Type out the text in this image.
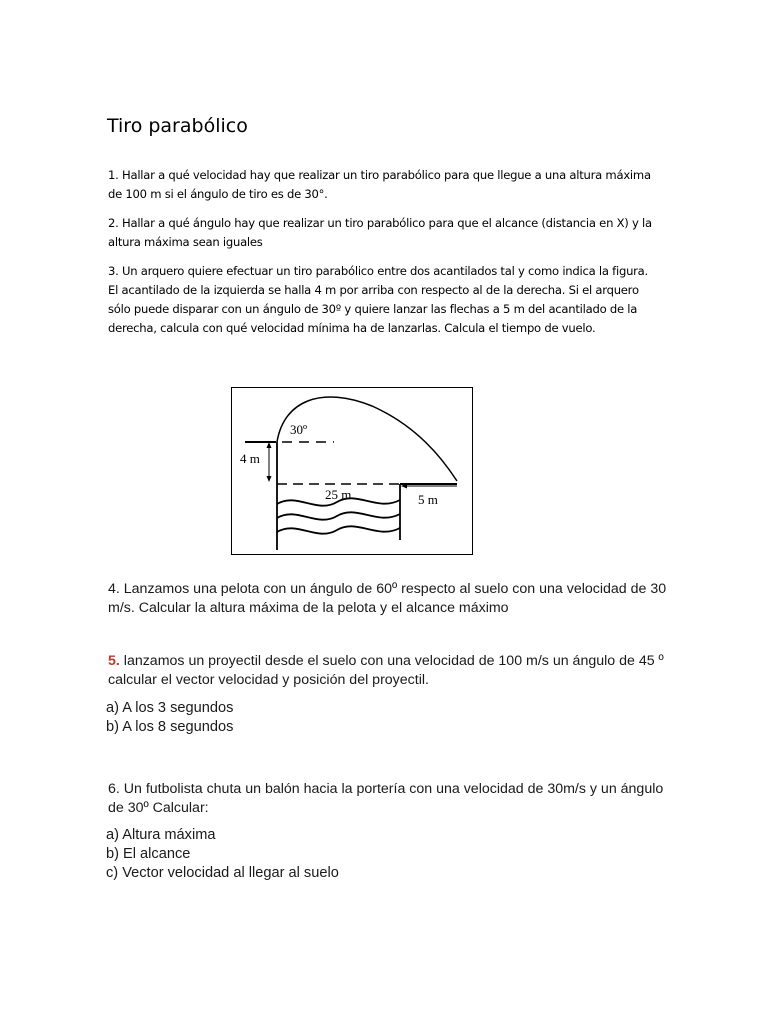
Tiro parabólico

1. Hallar a qué velocidad hay que realizar un tiro parabólico para que llegue a una altura máxima
de 100 m si el ángulo de tiro es de 30°.

2. Hallar a qué ángulo hay que realizar un tiro parabólico para que el alcance (distancia en X) y la
altura máxima sean iguales

3. Un arquero quiere efectuar un tiro parabólico entre dos acantilados tal y como indica la figura.
El acantilado de la izquierda se halla 4 m por arriba con respecto al de la derecha. Si el arquero
sólo puede disparar con un ángulo de 30º y quiere lanzar las flechas a 5 m del acantilado de la
derecha, calcula con qué velocidad mínima ha de lanzarlas. Calcula el tiempo de vuelo.

30º
4 m
25 m	5 m

4. Lanzamos una pelota con un ángulo de 60º respecto al suelo con una velocidad de 30
m/s. Calcular la altura máxima de la pelota y el alcance máximo

5. lanzamos un proyectil desde el suelo con una velocidad de 100 m/s un ángulo de 45 º
calcular el vector velocidad y posición del proyectil.

a) A los 3 segundos
b) A los 8 segundos

6. Un futbolista chuta un balón hacia la portería con una velocidad de 30m/s y un ángulo
de 30º Calcular:

a) Altura máxima
b) El alcance
c) Vector velocidad al llegar al suelo
